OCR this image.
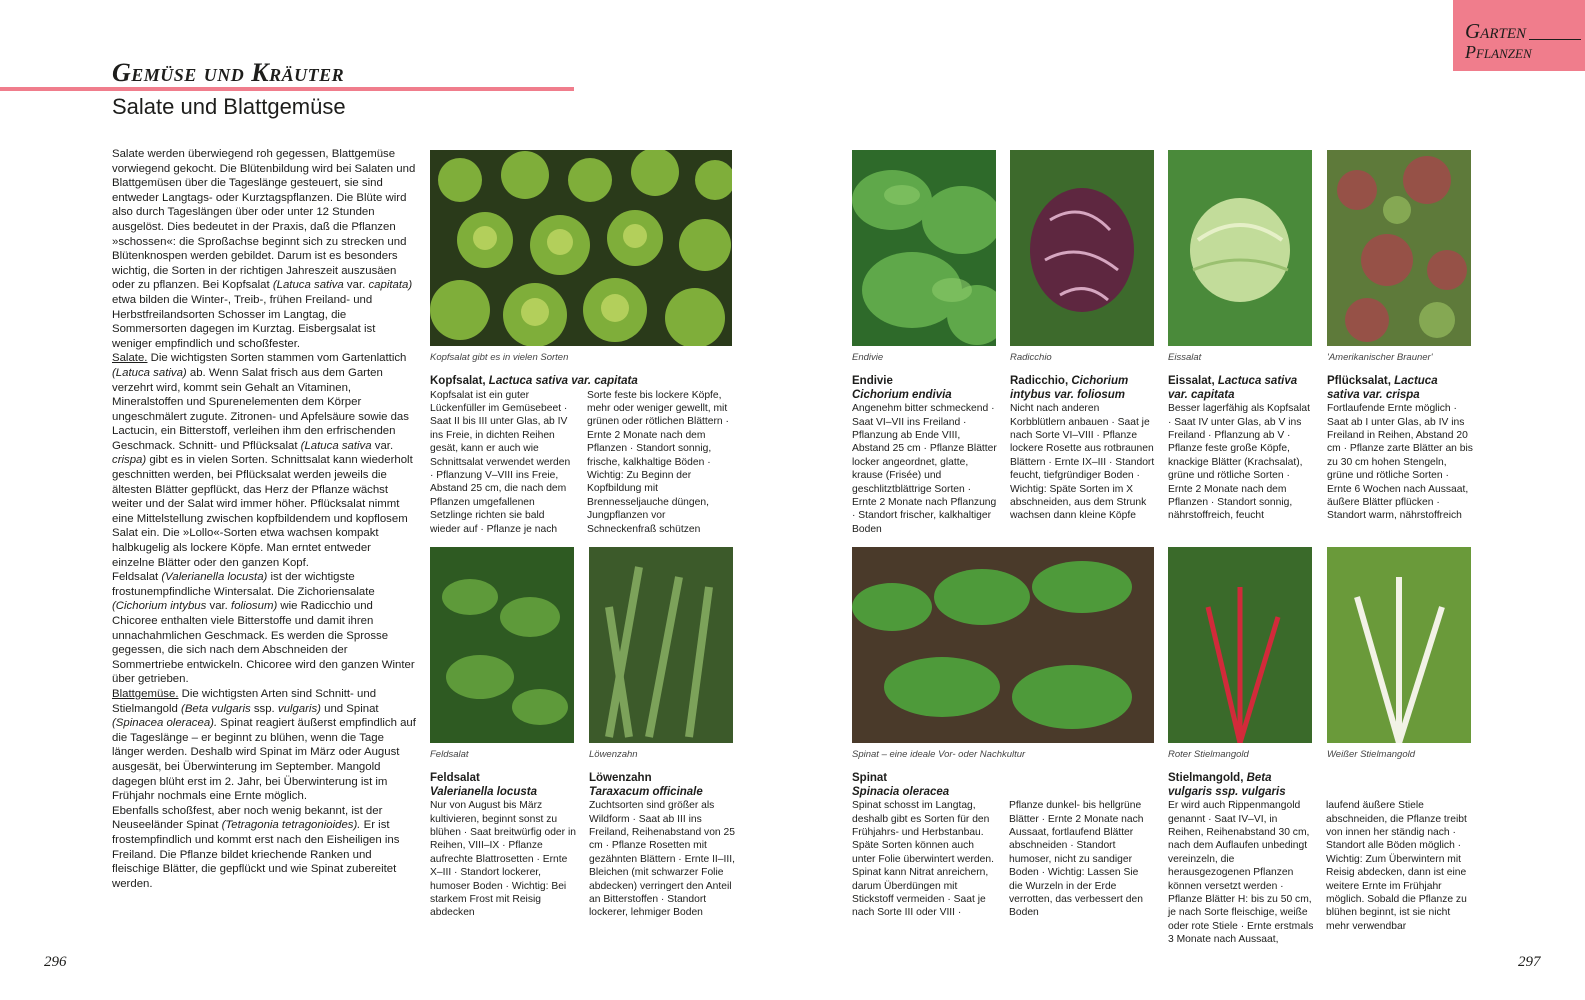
Gemüse und Kräuter
Salate und Blattgemüse
Garten
Pflanzen

Salate werden überwiegend roh gegessen, Blattgemüse vorwiegend gekocht. Die Blütenbildung wird bei Salaten und Blattgemüsen über die Tageslänge gesteuert, sie sind entweder Langtags- oder Kurztagspflanzen. Die Blüte wird also durch Tageslängen über oder unter 12 Stunden ausgelöst. Dies bedeutet in der Praxis, daß die Pflanzen »schossen«: die Sproßachse beginnt sich zu strecken und Blütenknospen werden gebildet. Darum ist es besonders wichtig, die Sorten in der richtigen Jahreszeit auszusäen oder zu pflanzen. Bei Kopfsalat (Latuca sativa var. capitata) etwa bilden die Winter-, Treib-, frühen Freiland- und Herbstfreilandsorten Schosser im Langtag, die Sommersorten dagegen im Kurztag. Eisbergsalat ist weniger empfindlich und schoßfester.

Salate. Die wichtigsten Sorten stammen vom Gartenlattich (Latuca sativa) ab. Wenn Salat frisch aus dem Garten verzehrt wird, kommt sein Gehalt an Vitaminen, Mineralstoffen und Spurenelementen dem Körper ungeschmälert zugute. Zitronen- und Apfelsäure sowie das Lactucin, ein Bitterstoff, verleihen ihm den erfrischenden Geschmack. Schnitt- und Pflücksalat (Latuca sativa var. crispa) gibt es in vielen Sorten. Schnittsalat kann wiederholt geschnitten werden, bei Pflücksalat werden jeweils die ältesten Blätter gepflückt, das Herz der Pflanze wächst weiter und der Salat wird immer höher. Pflücksalat nimmt eine Mittelstellung zwischen kopfbildendem und kopflosem Salat ein. Die »Lollo«-Sorten etwa wachsen kompakt halbkugelig als lockere Köpfe. Man erntet entweder einzelne Blätter oder den ganzen Kopf.

Feldsalat (Valerianella locusta) ist der wichtigste frostunempfindliche Wintersalat. Die Zichoriensalate (Cichorium intybus var. foliosum) wie Radicchio und Chicoree enthalten viele Bitterstoffe und damit ihren unnachahmlichen Geschmack. Es werden die Sprosse gegessen, die sich nach dem Abschneiden der Sommertriebe entwickeln. Chicoree wird den ganzen Winter über getrieben.

Blattgemüse. Die wichtigsten Arten sind Schnitt- und Stielmangold (Beta vulgaris ssp. vulgaris) und Spinat (Spinacea oleracea). Spinat reagiert äußerst empfindlich auf die Tageslänge – er beginnt zu blühen, wenn die Tage länger werden. Deshalb wird Spinat im März oder August ausgesät, bei Überwinterung im September. Mangold dagegen blüht erst im 2. Jahr, bei Überwinterung ist im Frühjahr nochmals eine Ernte möglich.

Ebenfalls schoßfest, aber noch wenig bekannt, ist der Neuseeländer Spinat (Tetragonia tetragonioides). Er ist frostempfindlich und kommt erst nach den Eisheiligen ins Freiland. Die Pflanze bildet kriechende Ranken und fleischige Blätter, die gepflückt und wie Spinat zubereitet werden.

Kopfsalat gibt es in vielen Sorten	Endivie	Radicchio	Eissalat	'Amerikanischer Brauner'
Feldsalat	Löwenzahn	Spinat – eine ideale Vor- oder Nachkultur	Roter Stielmangold	Weißer Stielmangold
Kopfsalat, Lactuca sativa var. capitata
Kopfsalat ist ein guter Lückenfüller im Gemüsebeet · Saat II bis III unter Glas, ab IV ins Freie, in dichten Reihen gesät, kann er auch wie Schnittsalat verwendet werden · Pflanzung V–VIII ins Freie, Abstand 25 cm, die nach dem Pflanzen umgefallenen Setzlinge richten sie bald wieder auf · Pflanze je nach Sorte feste bis lockere Köpfe, mehr oder weniger gewellt, mit grünen oder rötlichen Blättern · Ernte 2 Monate nach dem Pflanzen · Standort sonnig, frische, kalkhaltige Böden · Wichtig: Zu Beginn der Kopfbildung mit Brennesseljauche düngen, Jungpflanzen vor Schneckenfraß schützen
Endivie
Cichorium endivia
Angenehm bitter schmeckend · Saat VI–VII ins Freiland · Pflanzung ab Ende VIII, Abstand 25 cm · Pflanze Blätter locker angeordnet, glatte, krause (Frisée) und geschlitztblättrige Sorten · Ernte 2 Monate nach Pflanzung · Standort frischer, kalkhaltiger Boden
Radicchio, Cichorium intybus var. foliosum
Nicht nach anderen Korbblütlern anbauen · Saat je nach Sorte VI–VIII · Pflanze lockere Rosette aus rotbraunen Blättern · Ernte IX–III · Standort feucht, tiefgründiger Boden · Wichtig: Späte Sorten im X abschneiden, aus dem Strunk wachsen dann kleine Köpfe
Eissalat, Lactuca sativa var. capitata
Besser lagerfähig als Kopfsalat · Saat IV unter Glas, ab V ins Freiland · Pflanzung ab V · Pflanze feste große Köpfe, knackige Blätter (Krachsalat), grüne und rötliche Sorten · Ernte 2 Monate nach dem Pflanzen · Standort sonnig, nährstoffreich, feucht
Pflücksalat, Lactuca sativa var. crispa
Fortlaufende Ernte möglich · Saat ab I unter Glas, ab IV ins Freiland in Reihen, Abstand 20 cm · Pflanze zarte Blätter an bis zu 30 cm hohen Stengeln, grüne und rötliche Sorten · Ernte 6 Wochen nach Aussaat, äußere Blätter pflücken · Standort warm, nährstoffreich
Feldsalat
Valerianella locusta
Nur von August bis März kultivieren, beginnt sonst zu blühen · Saat breitwürfig oder in Reihen, VIII–IX · Pflanze aufrechte Blattrosetten · Ernte X–III · Standort lockerer, humoser Boden · Wichtig: Bei starkem Frost mit Reisig abdecken
Löwenzahn
Taraxacum officinale
Zuchtsorten sind größer als Wildform · Saat ab III ins Freiland, Reihenabstand von 25 cm · Pflanze Rosetten mit gezähnten Blättern · Ernte II–III, Bleichen (mit schwarzer Folie abdecken) verringert den Anteil an Bitterstoffen · Standort lockerer, lehmiger Boden
Spinat
Spinacia oleracea
Spinat schosst im Langtag, deshalb gibt es Sorten für den Frühjahrs- und Herbstanbau. Späte Sorten können auch unter Folie überwintert werden. Spinat kann Nitrat anreichern, darum Überdüngen mit Stickstoff vermeiden · Saat je nach Sorte III oder VIII · Pflanze dunkel- bis hellgrüne Blätter · Ernte 2 Monate nach Aussaat, fortlaufend Blätter abschneiden · Standort humoser, nicht zu sandiger Boden · Wichtig: Lassen Sie die Wurzeln in der Erde verrotten, das verbessert den Boden
Stielmangold, Beta vulgaris ssp. vulgaris
Er wird auch Rippenmangold genannt · Saat IV–VI, in Reihen, Reihenabstand 30 cm, nach dem Auflaufen unbedingt vereinzeln, die herausgezogenen Pflanzen können versetzt werden · Pflanze Blätter H: bis zu 50 cm, je nach Sorte fleischige, weiße oder rote Stiele · Ernte erstmals 3 Monate nach Aussaat, laufend äußere Stiele abschneiden, die Pflanze treibt von innen her ständig nach · Standort alle Böden möglich · Wichtig: Zum Überwintern mit Reisig abdecken, dann ist eine weitere Ernte im Frühjahr möglich. Sobald die Pflanze zu blühen beginnt, ist sie nicht mehr verwendbar
296	297
